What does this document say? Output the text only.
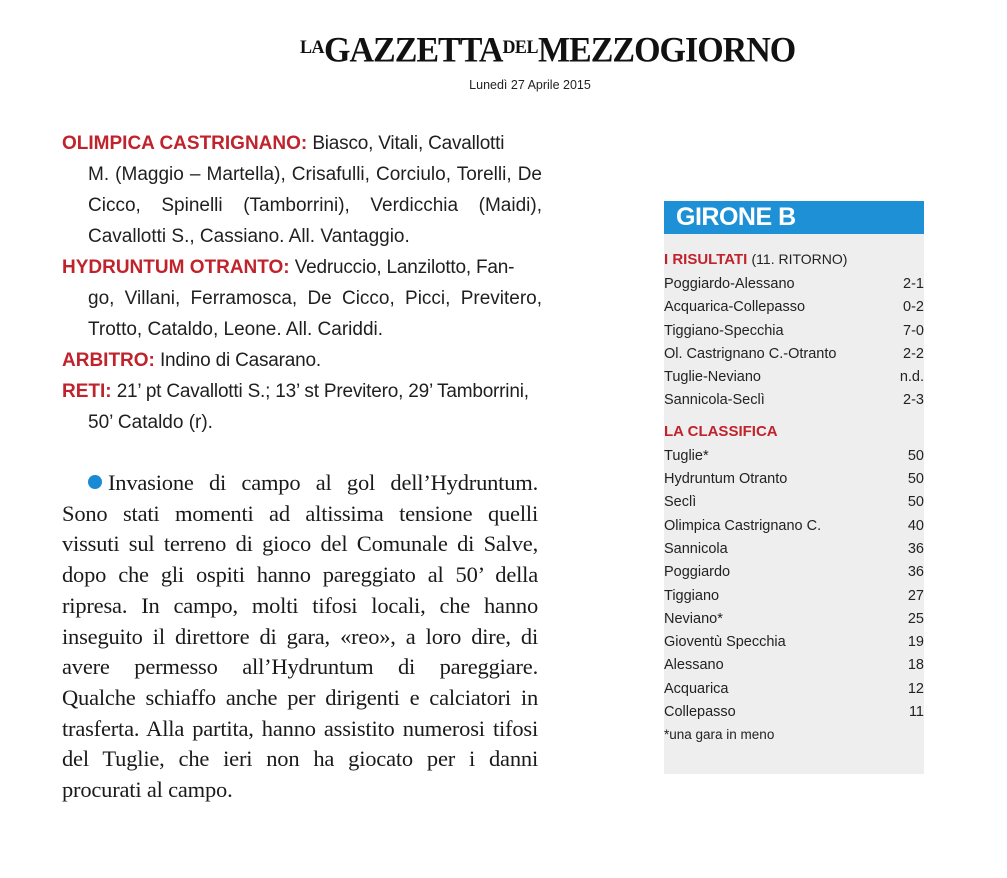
$^{LA}GAZZETTA^{DEL}MEZZOGIORNO$
Lunedì 27 Aprile 2015

OLIMPICA CASTRIGNANO: Biasco, Vitali, Cavallotti
M. (Maggio – Martella), Crisafulli, Corciulo, Torelli, De Cicco, Spinelli (Tamborrini), Verdicchia (Maidi), Cavallotti S., Cassiano. All. Vantaggio.

HYDRUNTUM OTRANTO: Vedruccio, Lanzilotto, Fan-
go, Villani, Ferramosca, De Cicco, Picci, Previtero, Trotto, Cataldo, Leone. All. Cariddi.

ARBITRO: Indino di Casarano.

RETI: 21’ pt Cavallotti S.; 13’ st Previtero, 29’ Tamborrini,
50’ Cataldo (r).

Invasione di campo al gol dell’Hydruntum. Sono stati momenti ad altissima tensione quelli vissuti sul terreno di gioco del Comunale di Salve, dopo che gli ospiti hanno pareggiato al 50’ della ripresa. In campo, molti tifosi locali, che hanno inseguito il direttore di gara, «reo», a loro dire, di avere permesso all’Hydruntum di pareggiare. Qualche schiaffo anche per dirigenti e calciatori in trasferta. Alla partita, hanno assistito numerosi tifosi del Tuglie, che ieri non ha giocato per i danni procurati al campo.
GIRONE B
I RISULTATI (11. RITORNO)
Poggiardo-Alessano	2-1
Acquarica-Collepasso	0-2
Tiggiano-Specchia	7-0
Ol. Castrignano C.-Otranto	2-2
Tuglie-Neviano	n.d.
Sannicola-Seclì	2-3
LA CLASSIFICA
Tuglie*	50
Hydruntum Otranto	50
Seclì	50
Olimpica Castrignano C.	40
Sannicola	36
Poggiardo	36
Tiggiano	27
Neviano*	25
Gioventù Specchia	19
Alessano	18
Acquarica	12
Collepasso	11
*una gara in meno
